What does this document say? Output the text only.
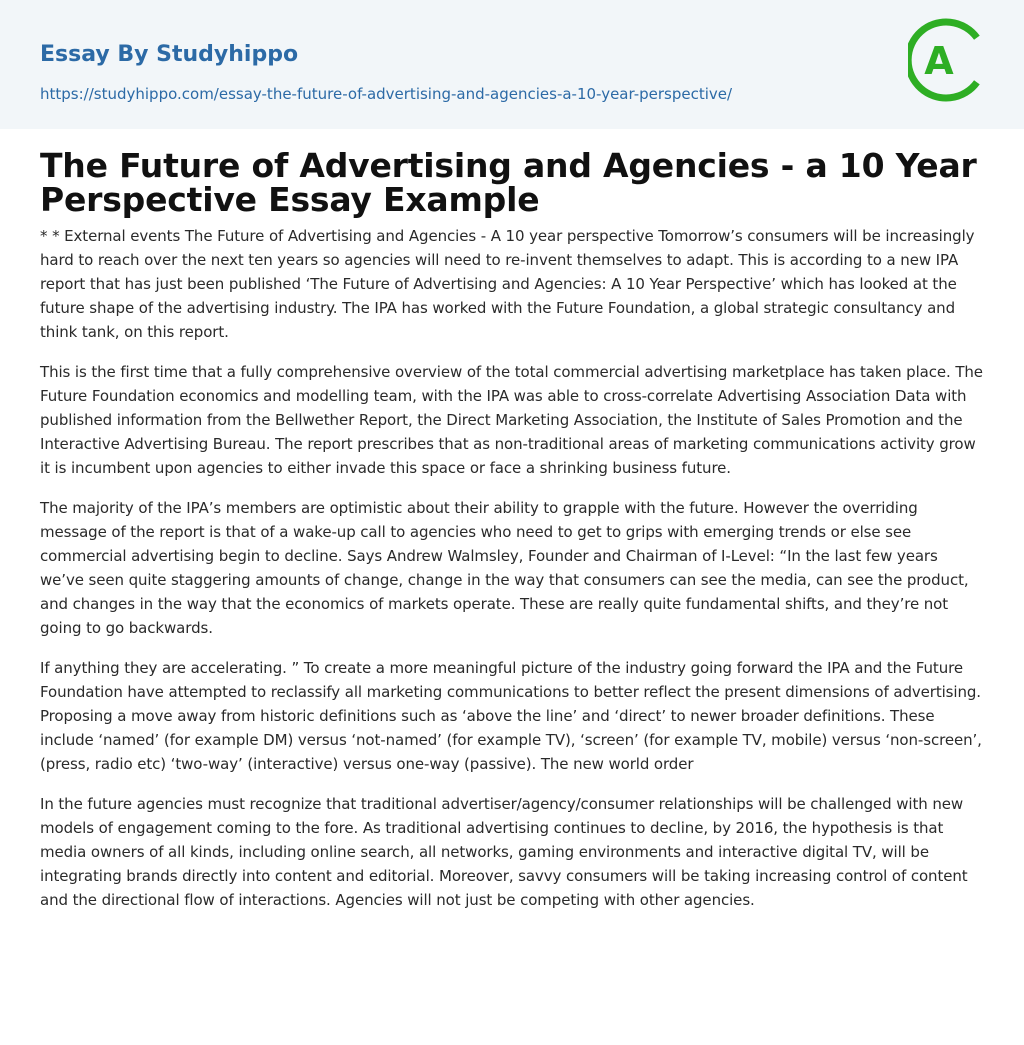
Essay By Studyhippo
https://studyhippo.com/essay-the-future-of-advertising-and-agencies-a-10-year-perspective/
A
The Future of Advertising and Agencies - a 10 Year Perspective Essay Example

* * External events The Future of Advertising and Agencies - A 10 year perspective Tomorrow’s consumers will be increasingly hard to reach over the next ten years so agencies will need to re-invent themselves to adapt. This is according to a new IPA report that has just been published ‘The Future of Advertising and Agencies: A 10 Year Perspective’ which has looked at the future shape of the advertising industry. The IPA has worked with the Future Foundation, a global strategic consultancy and think tank, on this report.

This is the first time that a fully comprehensive overview of the total commercial advertising marketplace has taken place. The Future Foundation economics and modelling team, with the IPA was able to cross-correlate Advertising Association Data with published information from the Bellwether Report, the Direct Marketing Association, the Institute of Sales Promotion and the Interactive Advertising Bureau. The report prescribes that as non-traditional areas of marketing communications activity grow it is incumbent upon agencies to either invade this space or face a shrinking business future.

The majority of the IPA’s members are optimistic about their ability to grapple with the future. However the overriding message of the report is that of a wake-up call to agencies who need to get to grips with emerging trends or else see commercial advertising begin to decline. Says Andrew Walmsley, Founder and Chairman of I-Level: “In the last few years we’ve seen quite staggering amounts of change, change in the way that consumers can see the media, can see the product, and changes in the way that the economics of markets operate. These are really quite fundamental shifts, and they’re not going to go backwards.

If anything they are accelerating. ” To create a more meaningful picture of the industry going forward the IPA and the Future Foundation have attempted to reclassify all marketing communications to better reflect the present dimensions of advertising. Proposing a move away from historic definitions such as ‘above the line’ and ‘direct’ to newer broader definitions. These include ‘named’ (for example DM) versus ‘not-named’ (for example TV), ‘screen’ (for example TV, mobile) versus ‘non-screen’, (press, radio etc) ‘two-way’ (interactive) versus one-way (passive). The new world order

In the future agencies must recognize that traditional advertiser/agency/consumer relationships will be challenged with new models of engagement coming to the fore. As traditional advertising continues to decline, by 2016, the hypothesis is that media owners of all kinds, including online search, all networks, gaming environments and interactive digital TV, will be integrating brands directly into content and editorial. Moreover, savvy consumers will be taking increasing control of content and the directional flow of interactions. Agencies will not just be competing with other agencies.
